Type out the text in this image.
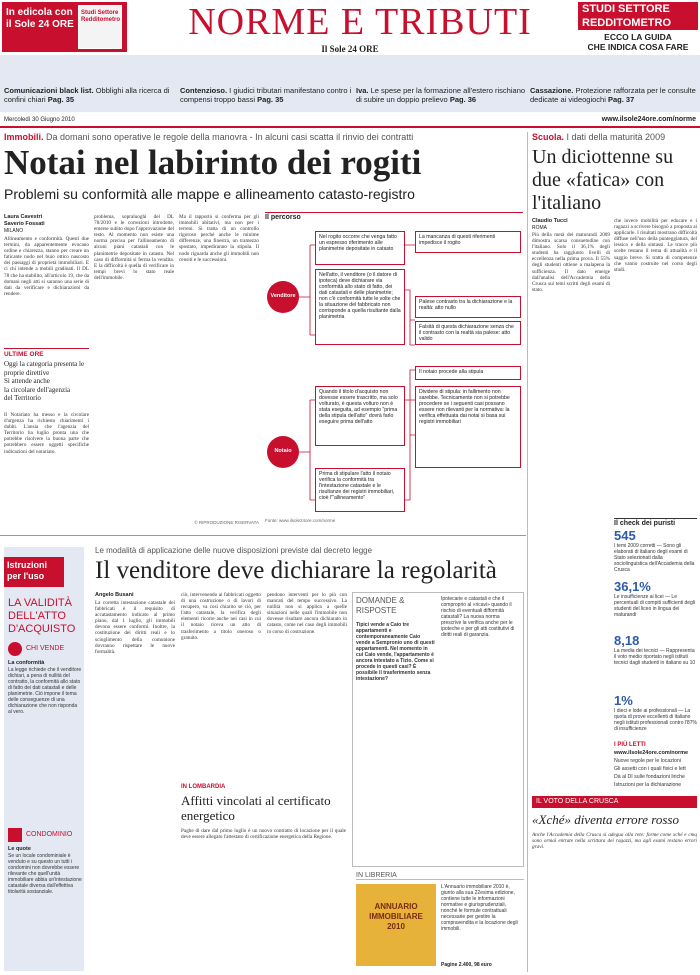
In edicola con
il Sole 24 ORE
Studi Settore Redditometro	NORME E TRIBUTI
Il Sole 24 ORE
STUDI SETTORE
REDDITOMETRO
ECCO LA GUIDA
CHE INDICA COSA FARE
Comunicazioni black list. Obblighi alla ricerca di confini chiari Pag. 35
Contenzioso. I giudici tributari manifestano contro i compensi troppo bassi Pag. 35
Iva. Le spese per la formazione all'estero rischiano di subire un doppio prelievo Pag. 36
Cassazione. Protezione rafforzata per le consulte dedicate ai videogiochi Pag. 37
Mercoledì 30 Giugno 2010	www.ilsole24ore.com/norme
Immobili. Da domani sono operative le regole della manovra - In alcuni casi scatta il rinvio dei contratti
Notai nel labirinto dei rogiti
Problemi su conformità alle mappe e allineamento catasto-registro
Laura Cavestri
Saverio Fossati
MILANO
Allineamento e conformità. Questi due termini, da apparentemente evocano ordine e chiarezza, stanno per creare un faticante nodo nel buio ottico nascosto dei passaggi di proprietà immobiliari. E ci chi intende a mobili gradinati. Il DL 78 che ha stabilito, all'articolo 19, che da domani negli atti si saranno una serie di dati da verificare e dichiarazioni da rendere.
ULTIME ORE
Oggi la categoria presenta le proprie direttive
Si attende anche
la circolare dell'agenzia
del Territorio
Il Notariato ha messo e la circolare d'urgenza ha richiesto chiarimenti i dubbi. L'ansia che l'agenzia del Territorio ha luglio pronta una che potrebbe risolvere la buona parte che potrebbero essere oggetti specifiche indicazioni del notariato.
problema, sopraluoghi del DL 78/2010 e le correzioni introdotte, emerse subito dopo l'approvazione del testo. Al momento non esiste una norma precisa per l'allineamento di alcuni piani catastali con le planimetrie depositate in catasto. Nel caso di difformità si ferma la vendita. E la difficoltà è quella di verificare in tempi brevi lo stato reale dell'immobile.
Ma il rapporto si conferma per gli immobili abitativi, ma non per i terreni. Si tratta di un controllo rigoroso perché anche le minime differenze, una finestra, un tramezzo spostato, impediranno la stipula. Il nodo riguarda anche gli immobili non censiti e le successioni.
Il percorso
Venditore
Notaio
Nel rogito occorre che venga fatto un espresso riferimento alle planimetrie depositate in catasto
Nell'atto, il venditore (o il datore di ipoteca) deve dichiarare via conformità allo stato di fatto, dei dati catastali e delle planimetrie; non c'è conformità tutte le volte che la situazione del fabbricato non corrisponde a quella risultante dalla planimetria
La mancanza di questi riferimenti impedisce il rogito
Palese contrasto tra la dichiarazione e la realtà: atto nullo
Falsità di questa dichiarazione senza che il contrasto con la realtà sia palese: atto valido
Quando il titolo d'acquisto non dovesse essere trascritto, ma solo volturato, è questa volturo non è stata eseguita, ad esempio "prima della stipula dell'atto" dovrà farlo eseguire prima dell'atto
Prima di stipulare l'atto il notaio verifica la conformità tra l'intestazione catastale e le risultanze dei registri immobiliari, cioè l'"allineamento"
Il notaio procede alla stipula
Dividere di stipula: in fallimento non sarebbe. Tecnicamente non si potrebbe procedere se i seguenti casi possano essere non rilevanti per la normativa: la verifica effettuata dai notai si basa sui registri immobiliari
Fonte: www.ilsole24ore.com/norme
© RIPRODUZIONE RISERVATA
Scuola. I dati della maturità 2009
Un diciottenne su due «fatica» con l'italiano
Claudio Tucci
ROMA
Più della metà dei maturandi 2009 dimostra scarsa consuetudine con l'italiano. Solo il 36,1% degli studenti ha raggiunto livelli di eccellenza nella prima prova. Il 55% degli studenti ottiene a malapena la sufficienza. Il dato emerge dall'analisi dell'Accademia della Crusca sui temi scritti degli esami di stato.
che invece mobilità per educare e i ragazzi a scrivere bisognò a proposta ai applicarle. I risultati mostrano difficoltà diffuse nell'uso della punteggiatura, del lessico e della sintassi. Le tracce più scelte restano il tema di attualità e il saggio breve. Si tratta di competenze che vanno costruite nel corso degli studi.
Il check dei puristi
545
I temi 2009 corretti — Sono gli elaborati di italiano degli esami di Stato selezionati dalla sociolinguistica dell'Accademia della Crusca
36,1%
Le insufficienze ai licei — Le percentuali di compiti sufficienti degli studenti del liceo in lingua dei maturandi
8,18
La media dei tecnici — Rappresenta il voto medio riportato negli istituti tecnici dagli studenti in italiano su 10
1%
I dieci e lode ai professionali — La quota di prove eccellenti di italiano negli istituti professionali contro l'87% di insufficienze
I PIÙ LETTI
www.ilsole24ore.com/norme
Nuove regole per le locazioni
Gli assetti con i quali fisici e lett
Dà al DI sulle fondazioni liriche
Istruzioni per la dichiarazione
IL VOTO DELLA CRUSCA
«Xché» diventa errore rosso
Anche l'Accademia della Crusca si adegua alla rete: forme come xché e cmq sono ormai entrate nella scrittura dei ragazzi, ma agli esami restano errori gravi.
Istruzioni per l'uso
LA VALIDITÀ DELL'ATTO D'ACQUISTO
CHI VENDE
La conformità
La legge richiede che il venditore dichiari, a pena di nullità del contratto, la conformità allo stato di fatto dei dati catastali e delle planimetrie. Ciò impone il tema delle conseguenze di una dichiarazione che non risponda al vero.
CONDOMINIO
Le quote
Se un locale condominiale è venduto e su questo un tutti i condomini non dovrebbe essere rilevante che quell'unità immobiliare abbia un'intestazione catastale diversa dall'effettiva titolarità sostanziale.
Le modalità di applicazione delle nuove disposizioni previste dal decreto legge
Il venditore deve dichiarare la regolarità
Angelo Busani
La corretta intestazione catastale dei fabbricati è il requisito di accatastamento indicato al primo piano, dal 1 luglio, gli immobili devono essere conformi. Inoltre, la costituzione dei diritti reali e lo scioglimento della comunione dovranno rispettare le nuove formalità.
ciò, intervenendo ai fabbricati oggetto di una costruzione o di lavori di recupero, va così chiarito se ciò, per l'atto catastale, la verifica degli elementi ricorre anche nei casi in cui il notaio riceva un atto di trasferimento a titolo oneroso o gratuito.
pendono interventi per lo più con mancati del tempo successivo. La nullità non si applica a quelle situazioni nelle quali l'immobile non dovesse risultare ancora dichiarato in catasto, come nel caso degli immobili in corso di costruzione.
IN LOMBARDIA
Affitti vincolati al certificato energetico
Paghe di dare dal primo luglio è un nuovo contratto di locazione per il quale deve essere allegato l'attestato di certificazione energetica della Regione.
DOMANDE & RISPOSTE
Tipici vende a Caio tre appartamenti e contemporaneamente Caio vende a Sempronio uno di questi appartamenti. Nel momento in cui Caio vende, l'appartamento è ancora intestato a Tizio. Come si procede in questi casi? È possibile il trasferimento senza intestazione?
Ipotecarie e catastali e che il comproprio al «ricavi» quando il rischio di eventuali difformità catastali? La nuova norma prescrive la verifica anche per le ipoteche e per gli atti costitutivi di diritti reali di garanzia.
IN LIBRERIA
ANNUARIO IMMOBILIARE 2010
L'Annuario immobiliare 2010 è, giunto alla sua 22esima edizione, contiene tutte le informazioni normative e giurisprudenziali, nonché le formule contrattuali necessarie per gestire la compravendita e la locazione degli immobili.
Pagine 2.400, 98 euro
